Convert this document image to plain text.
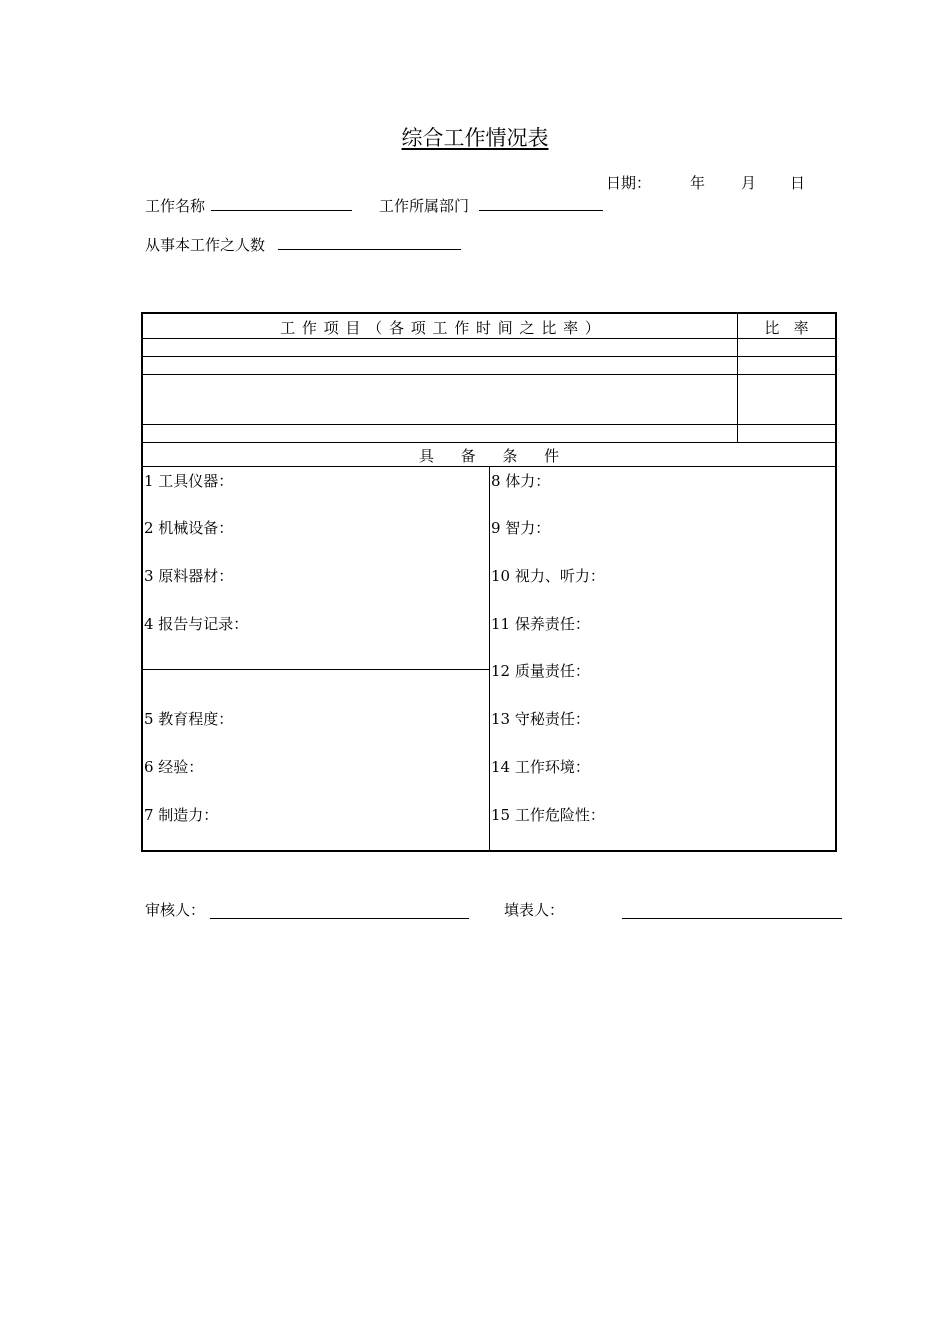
综合工作情况表
日期：	年 月 日
工作名称	工作所属部门
从事本工作之人数
工 作 项 目 （ 各 项 工 作 时 间 之 比 率 ）	比   率
具 备 条 件
1 工具仪器：
2 机械设备：
3 原料器材：
4 报告与记录：
5 教育程度：
6 经验：
7 制造力：
8 体力：
9 智力：
10 视力、听力：
11 保养责任：
12 质量责任：
13 守秘责任：
14 工作环境：
15 工作危险性：
审核人：	填表人：
